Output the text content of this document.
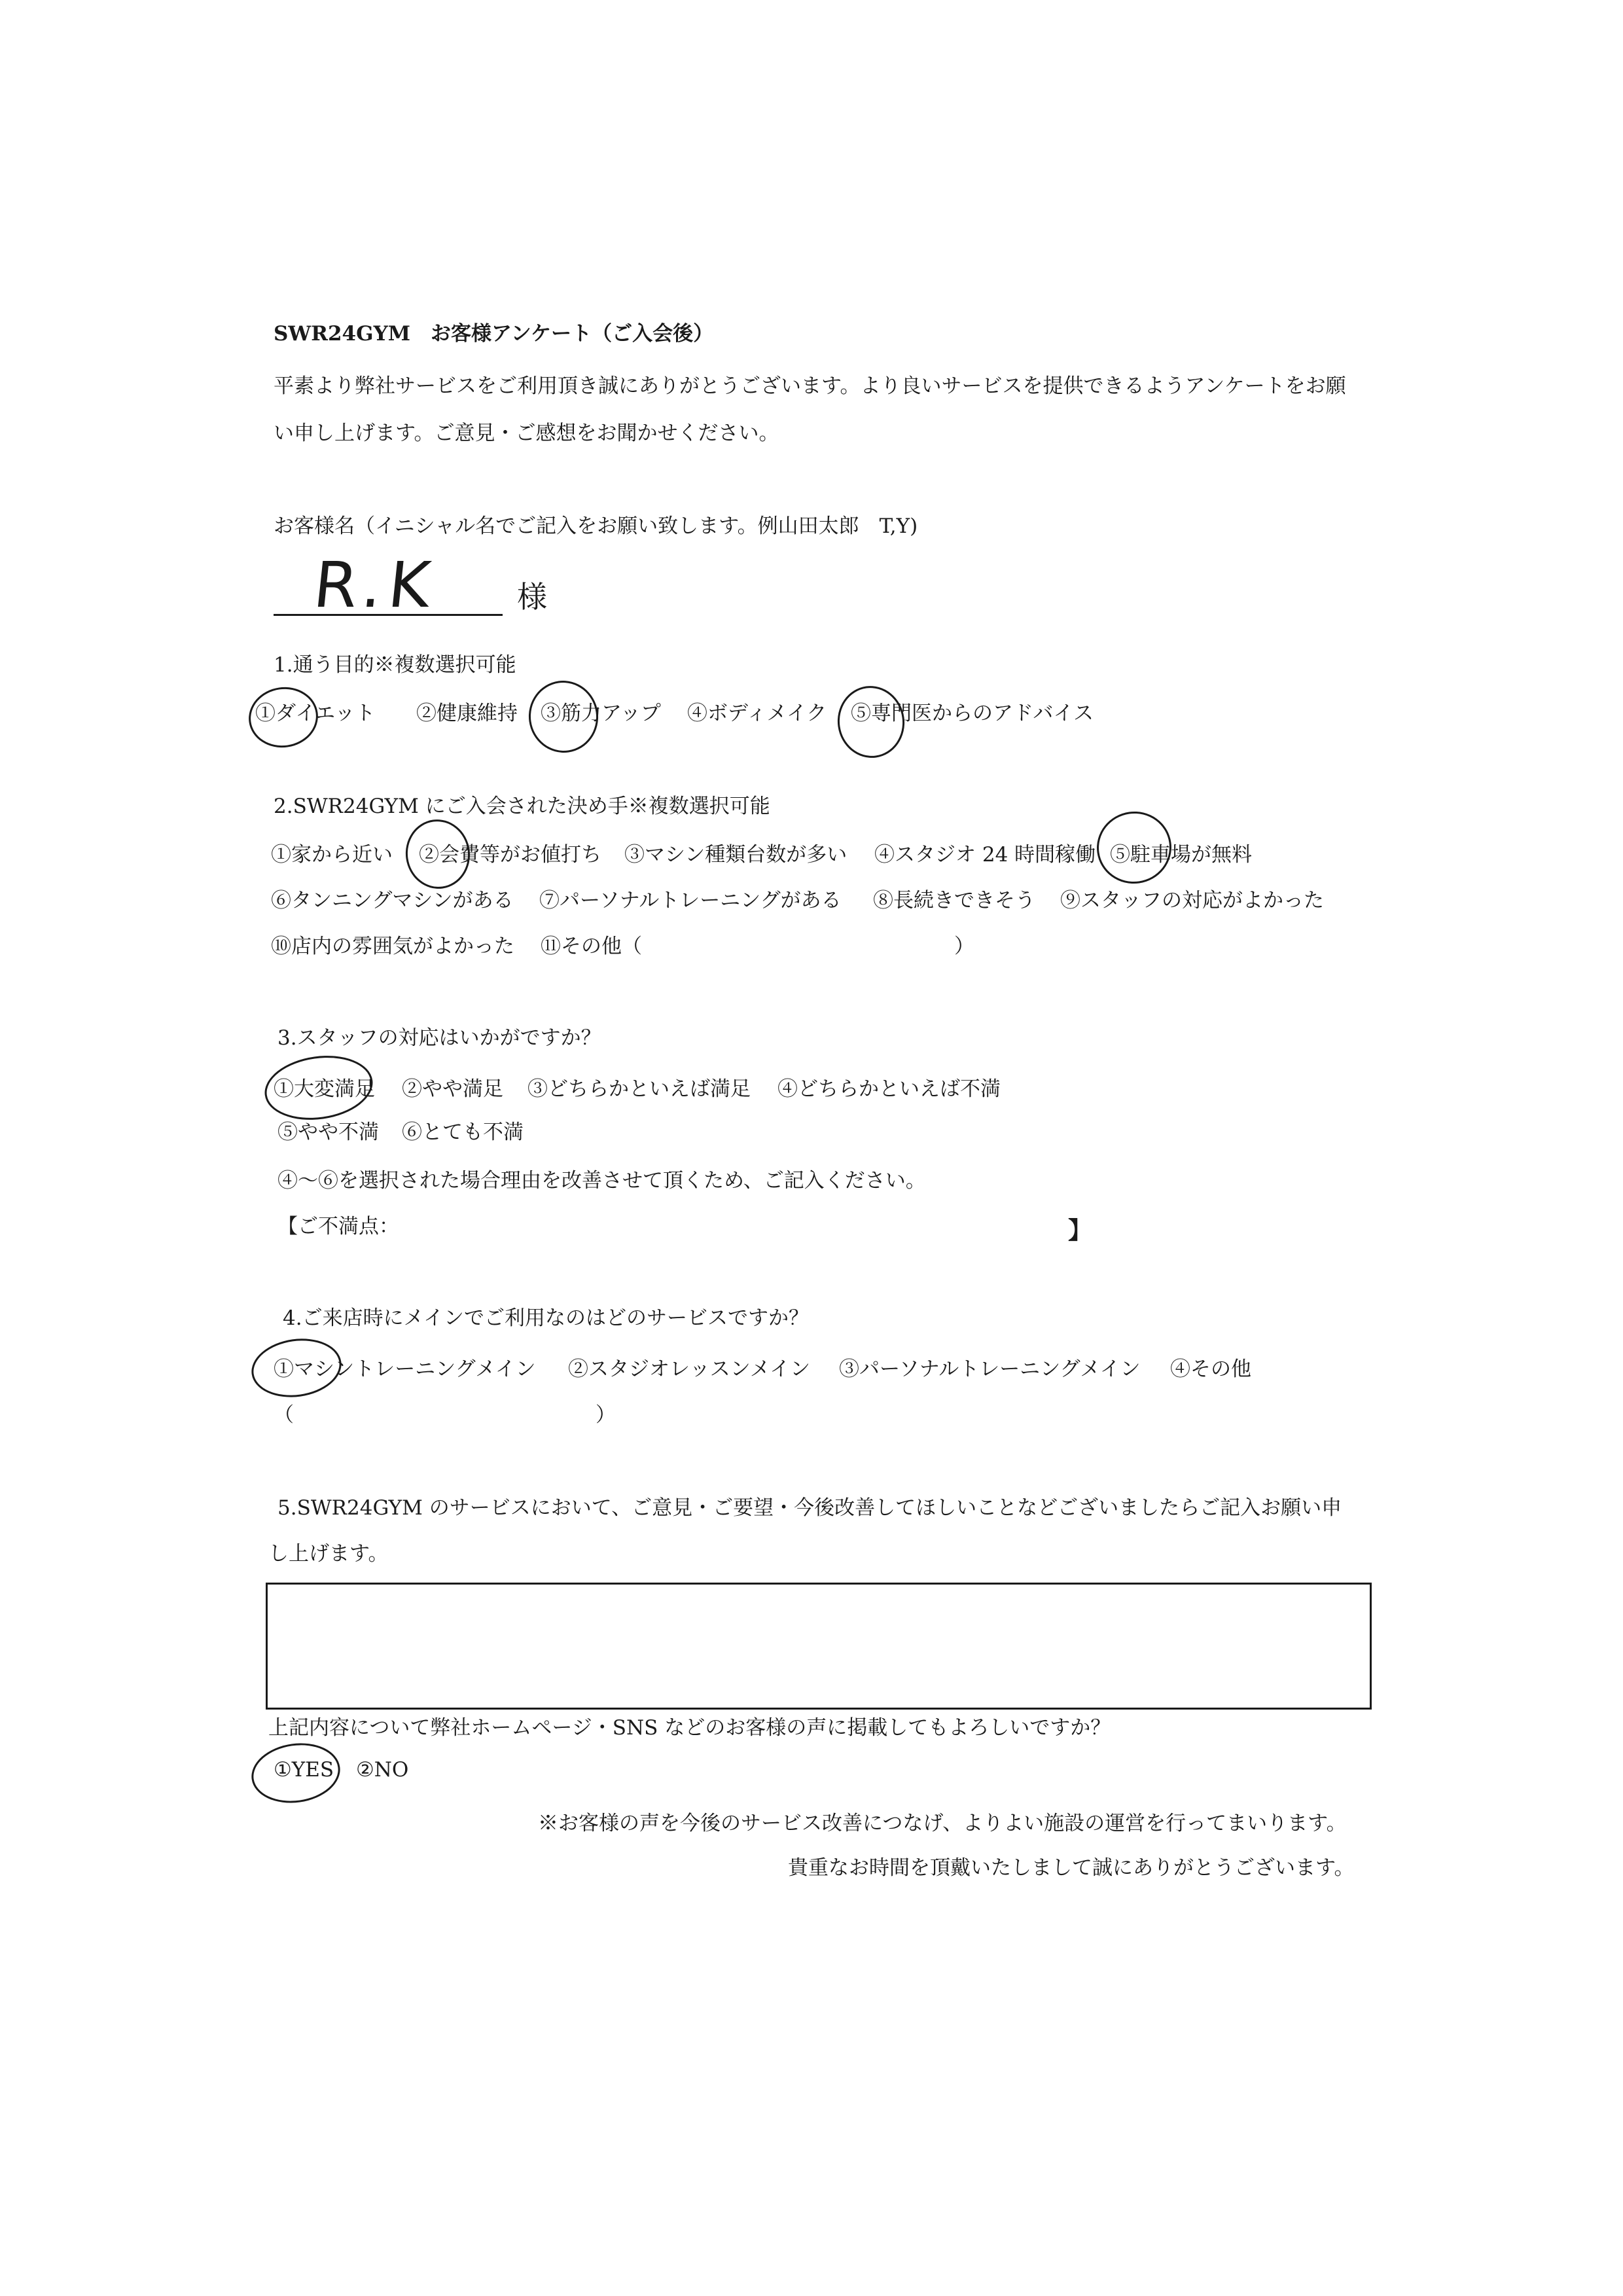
SWR24GYM　お客様アンケート（ご入会後）
平素より弊社サービスをご利用頂き誠にありがとうございます。より良いサービスを提供できるようアンケートをお願
い申し上げます。ご意見・ご感想をお聞かせください。
お客様名（イニシャル名でご記入をお願い致します。例山田太郎　T,Y)
R.K	様
1.通う目的※複数選択可能
①ダイエット ②健康維持 ③筋力アップ ④ボディメイク ⑤専門医からのアドバイス
2.SWR24GYM にご入会された決め手※複数選択可能
①家から近い ②会費等がお値打ち ③マシン種類台数が多い ④スタジオ 24 時間稼働 ⑤駐車場が無料
⑥タンニングマシンがある ⑦パーソナルトレーニングがある ⑧長続きできそう ⑨スタッフの対応がよかった
⑩店内の雰囲気がよかった ⑪その他（	）
3.スタッフの対応はいかがですか？
①大変満足 ②やや満足 ③どちらかといえば満足 ④どちらかといえば不満
⑤やや不満 ⑥とても不満
④～⑥を選択された場合理由を改善させて頂くため、ご記入ください。
【ご不満点：	】
4.ご来店時にメインでご利用なのはどのサービスですか？
①マシントレーニングメイン ②スタジオレッスンメイン ③パーソナルトレーニングメイン ④その他
（	）
5.SWR24GYM のサービスにおいて、ご意見・ご要望・今後改善してほしいことなどございましたらご記入お願い申
し上げます。
上記内容について弊社ホームページ・SNS などのお客様の声に掲載してもよろしいですか？
①YES ②NO
※お客様の声を今後のサービス改善につなげ、よりよい施設の運営を行ってまいります。
貴重なお時間を頂戴いたしまして誠にありがとうございます。
